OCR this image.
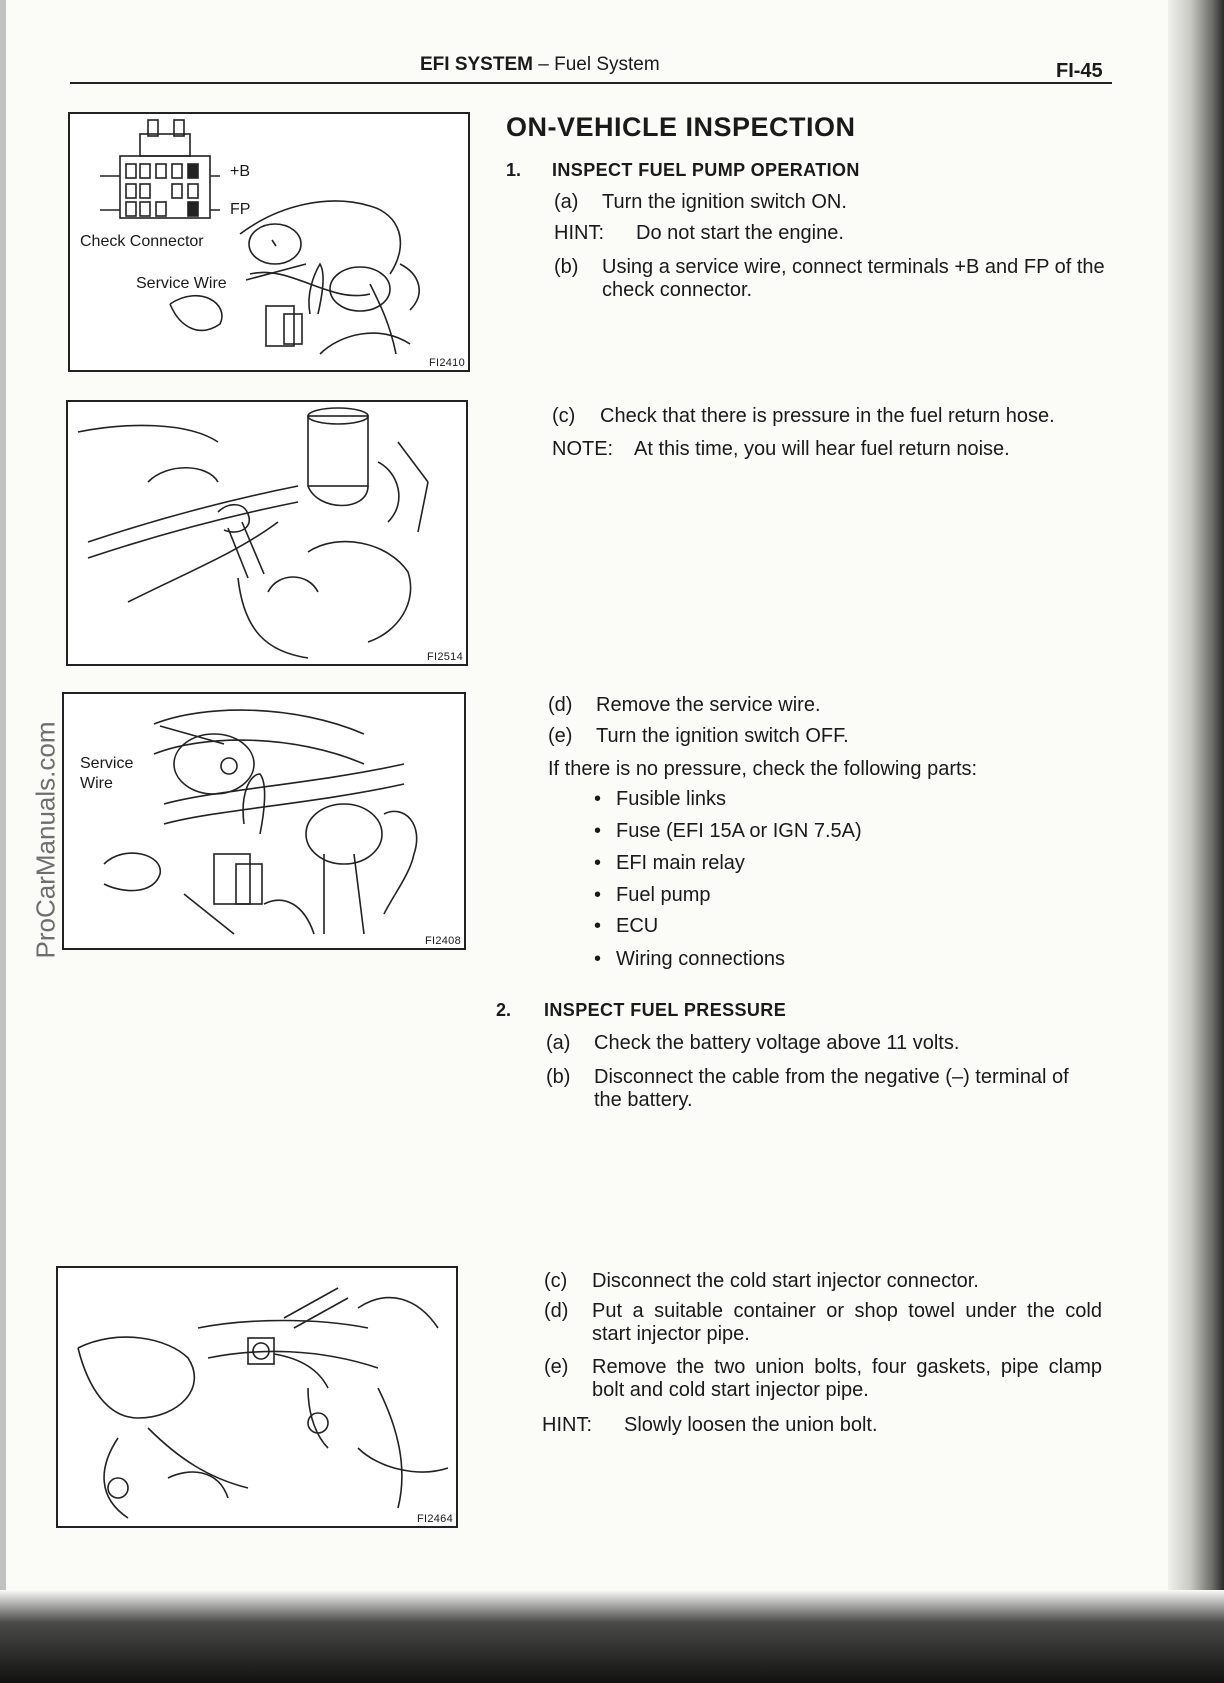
EFI SYSTEM – Fuel System	FI-45
ProCarManuals.com
+B
FP
Check Connector
Service Wire
FI2410
FI2514
Service
Wire
FI2408
FI2464
ON-VEHICLE INSPECTION
1. INSPECT FUEL PUMP OPERATION
(a) Turn the ignition switch ON.
HINT: Do not start the engine.
(b) Using a service wire, connect terminals +B and FP of the check connector.
(c) Check that there is pressure in the fuel return hose.
NOTE: At this time, you will hear fuel return noise.
(d) Remove the service wire.
(e) Turn the ignition switch OFF.
If there is no pressure, check the following parts:
• Fusible links
• Fuse (EFI 15A or IGN 7.5A)
• EFI main relay
• Fuel pump
• ECU
• Wiring connections
2. INSPECT FUEL PRESSURE
(a) Check the battery voltage above 11 volts.
(b) Disconnect the cable from the negative (–) terminal of the battery.
(c) Disconnect the cold start injector connector.
(d) Put a suitable container or shop towel under the cold start injector pipe.
(e) Remove the two union bolts, four gaskets, pipe clamp bolt and cold start injector pipe.
HINT: Slowly loosen the union bolt.
